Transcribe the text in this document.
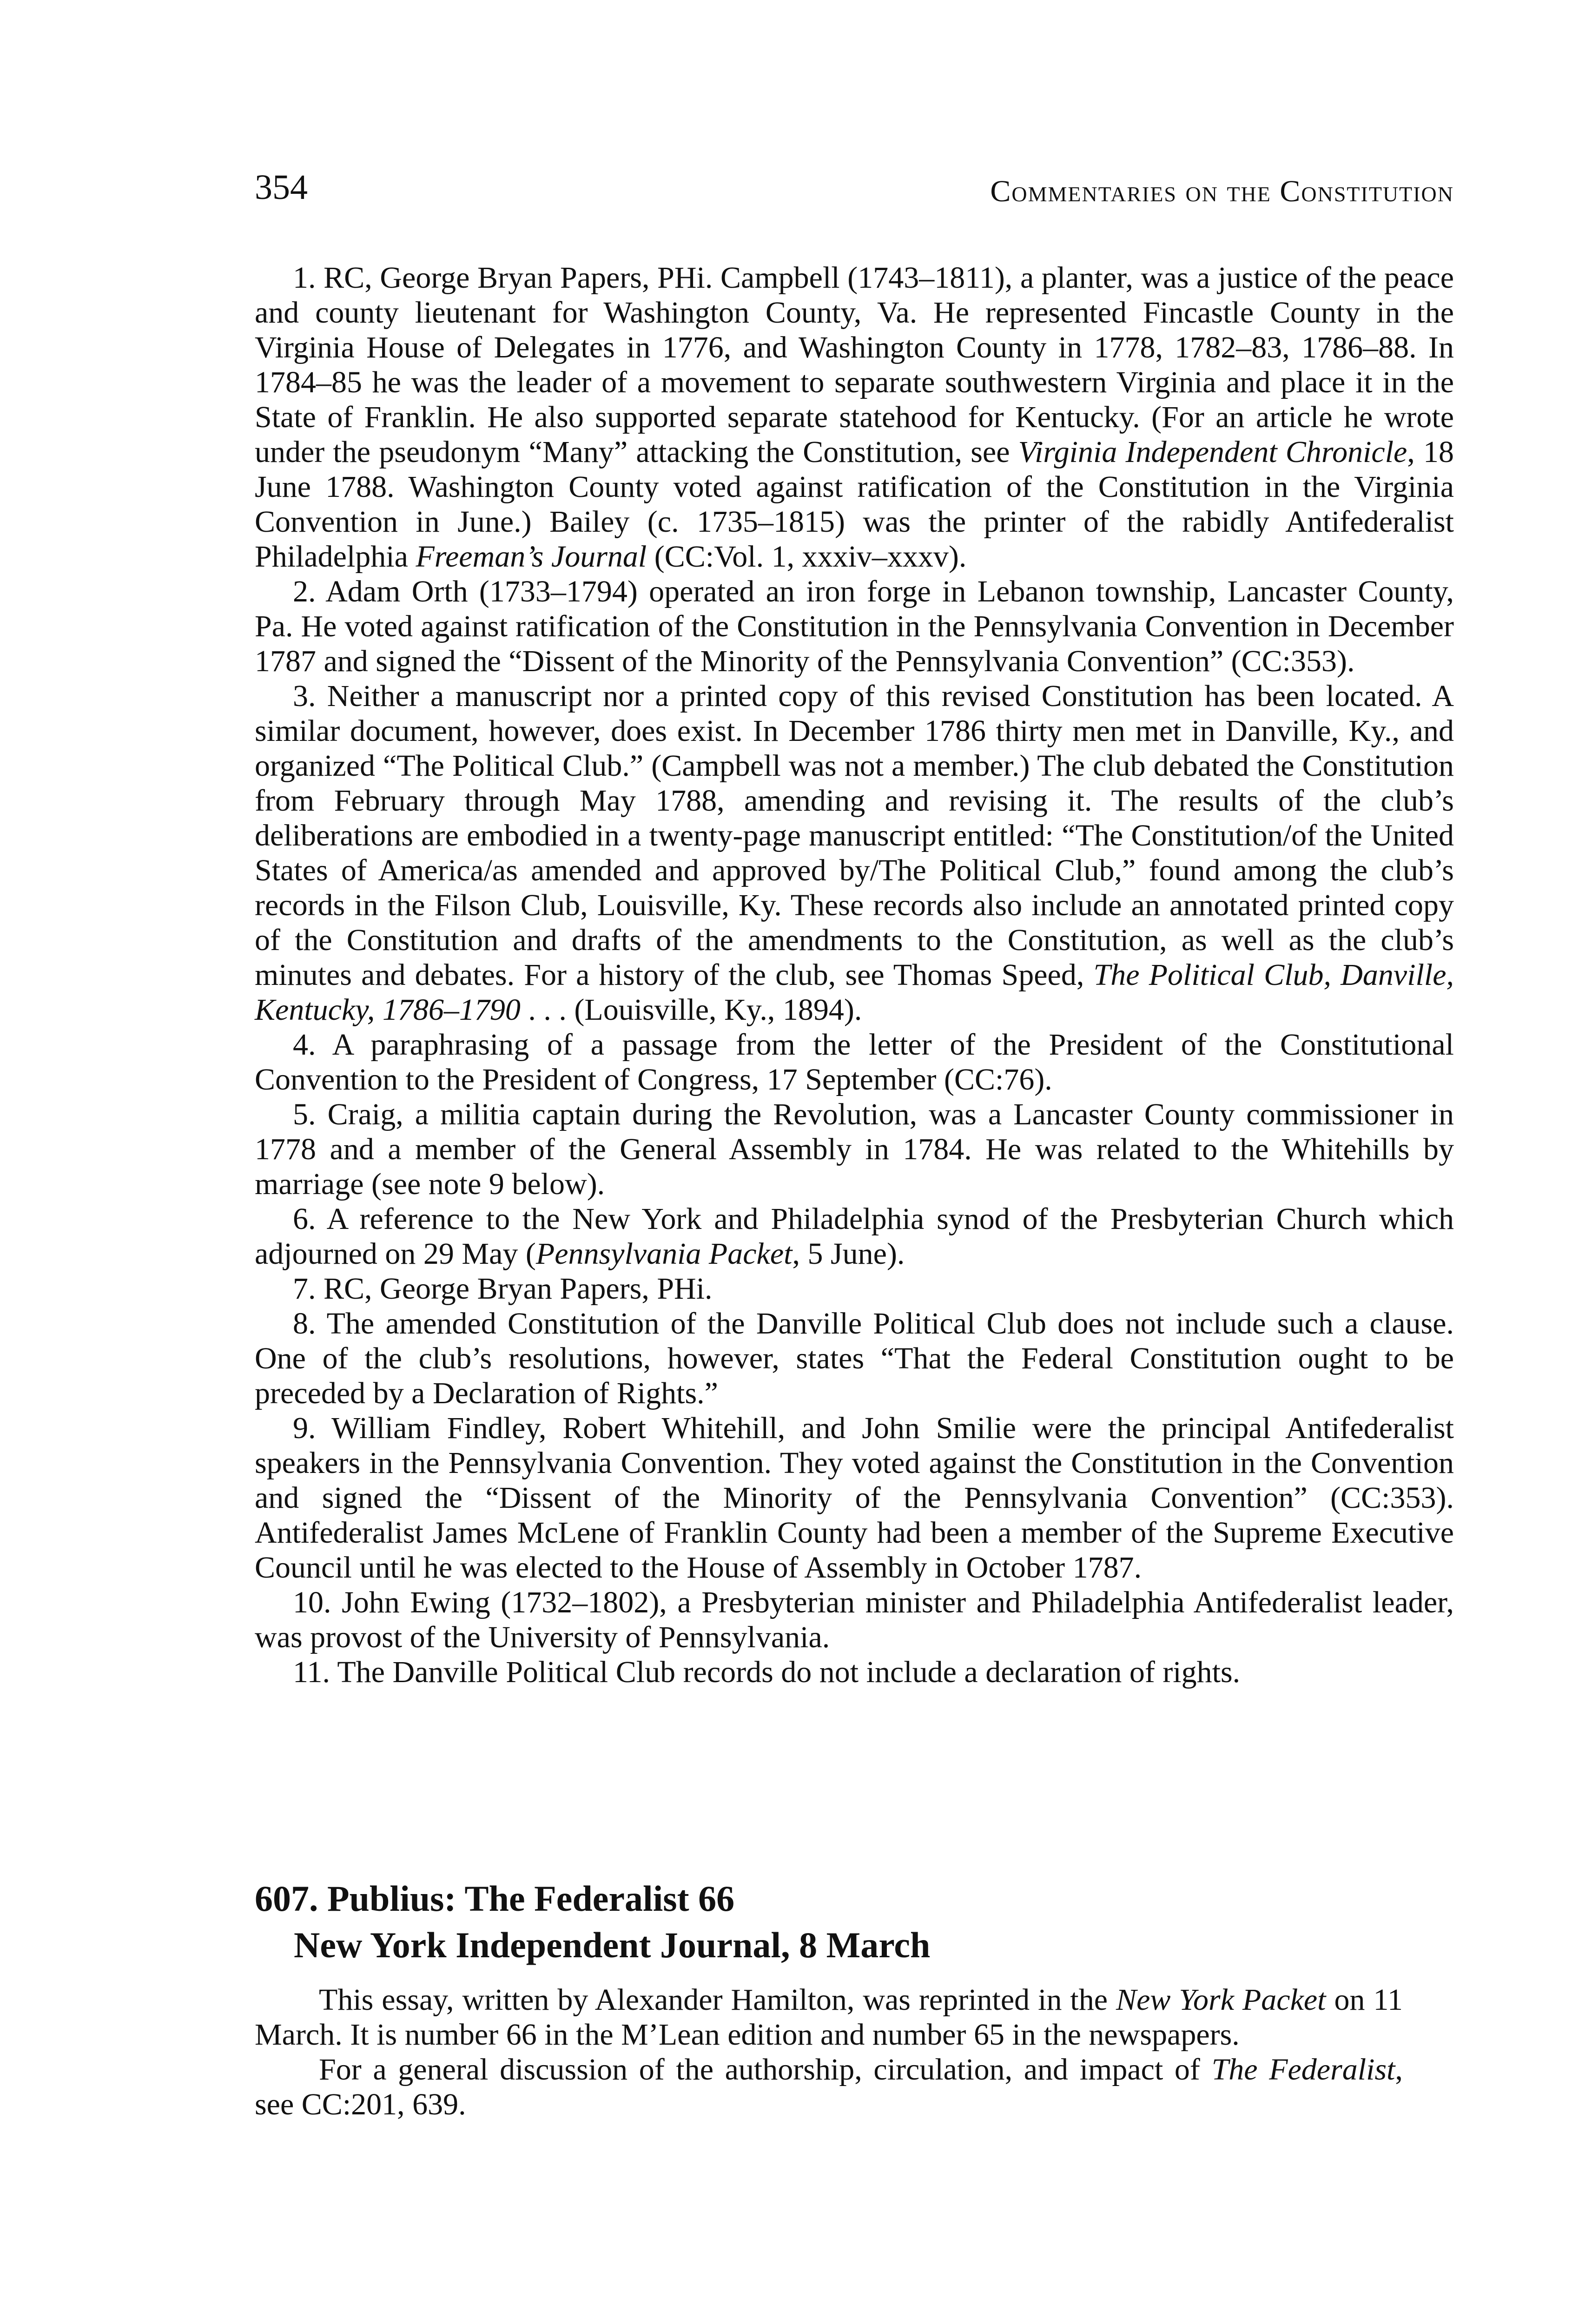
354	Commentaries on the Constitution

1. RC, George Bryan Papers, PHi. Campbell (1743–1811), a planter, was a justice of the peace and county lieutenant for Washington County, Va. He represented Fincastle County in the Virginia House of Delegates in 1776, and Washington County in 1778, 1782–83, 1786–88. In 1784–85 he was the leader of a movement to separate southwestern Virginia and place it in the State of Franklin. He also supported separate statehood for Kentucky. (For an article he wrote under the pseudonym “Many” attacking the Constitution, see Virginia Independent Chronicle, 18 June 1788. Washington County voted against ratification of the Constitution in the Virginia Convention in June.) Bailey (c. 1735–1815) was the printer of the rabidly Antifederalist Philadelphia Freeman’s Journal (CC:Vol. 1, xxxiv–xxxv).

2. Adam Orth (1733–1794) operated an iron forge in Lebanon township, Lancaster County, Pa. He voted against ratification of the Constitution in the Pennsylvania Convention in December 1787 and signed the “Dissent of the Minority of the Pennsylvania Convention” (CC:353).

3. Neither a manuscript nor a printed copy of this revised Constitution has been located. A similar document, however, does exist. In December 1786 thirty men met in Danville, Ky., and organized “The Political Club.” (Campbell was not a member.) The club debated the Constitution from February through May 1788, amending and revising it. The results of the club’s deliberations are embodied in a twenty-page manuscript entitled: “The Constitution/of the United States of America/as amended and approved by/The Political Club,” found among the club’s records in the Filson Club, Louisville, Ky. These records also include an annotated printed copy of the Constitution and drafts of the amendments to the Constitution, as well as the club’s minutes and debates. For a history of the club, see Thomas Speed, The Political Club, Danville, Kentucky, 1786–1790 . . . (Louisville, Ky., 1894).

4. A paraphrasing of a passage from the letter of the President of the Constitutional Convention to the President of Congress, 17 September (CC:76).

5. Craig, a militia captain during the Revolution, was a Lancaster County commissioner in 1778 and a member of the General Assembly in 1784. He was related to the Whitehills by marriage (see note 9 below).

6. A reference to the New York and Philadelphia synod of the Presbyterian Church which adjourned on 29 May (Pennsylvania Packet, 5 June).

7. RC, George Bryan Papers, PHi.

8. The amended Constitution of the Danville Political Club does not include such a clause. One of the club’s resolutions, however, states “That the Federal Constitution ought to be preceded by a Declaration of Rights.”

9. William Findley, Robert Whitehill, and John Smilie were the principal Antifederalist speakers in the Pennsylvania Convention. They voted against the Constitution in the Convention and signed the “Dissent of the Minority of the Pennsylvania Convention” (CC:353). Antifederalist James McLene of Franklin County had been a member of the Supreme Executive Council until he was elected to the House of Assembly in October 1787.

10. John Ewing (1732–1802), a Presbyterian minister and Philadelphia Antifederalist leader, was provost of the University of Pennsylvania.

11. The Danville Political Club records do not include a declaration of rights.

607. Publius: The Federalist 66
New York Independent Journal, 8 March

This essay, written by Alexander Hamilton, was reprinted in the New York Packet on 11 March. It is number 66 in the M’Lean edition and number 65 in the newspapers.

For a general discussion of the authorship, circulation, and impact of The Federalist, see CC:201, 639.
